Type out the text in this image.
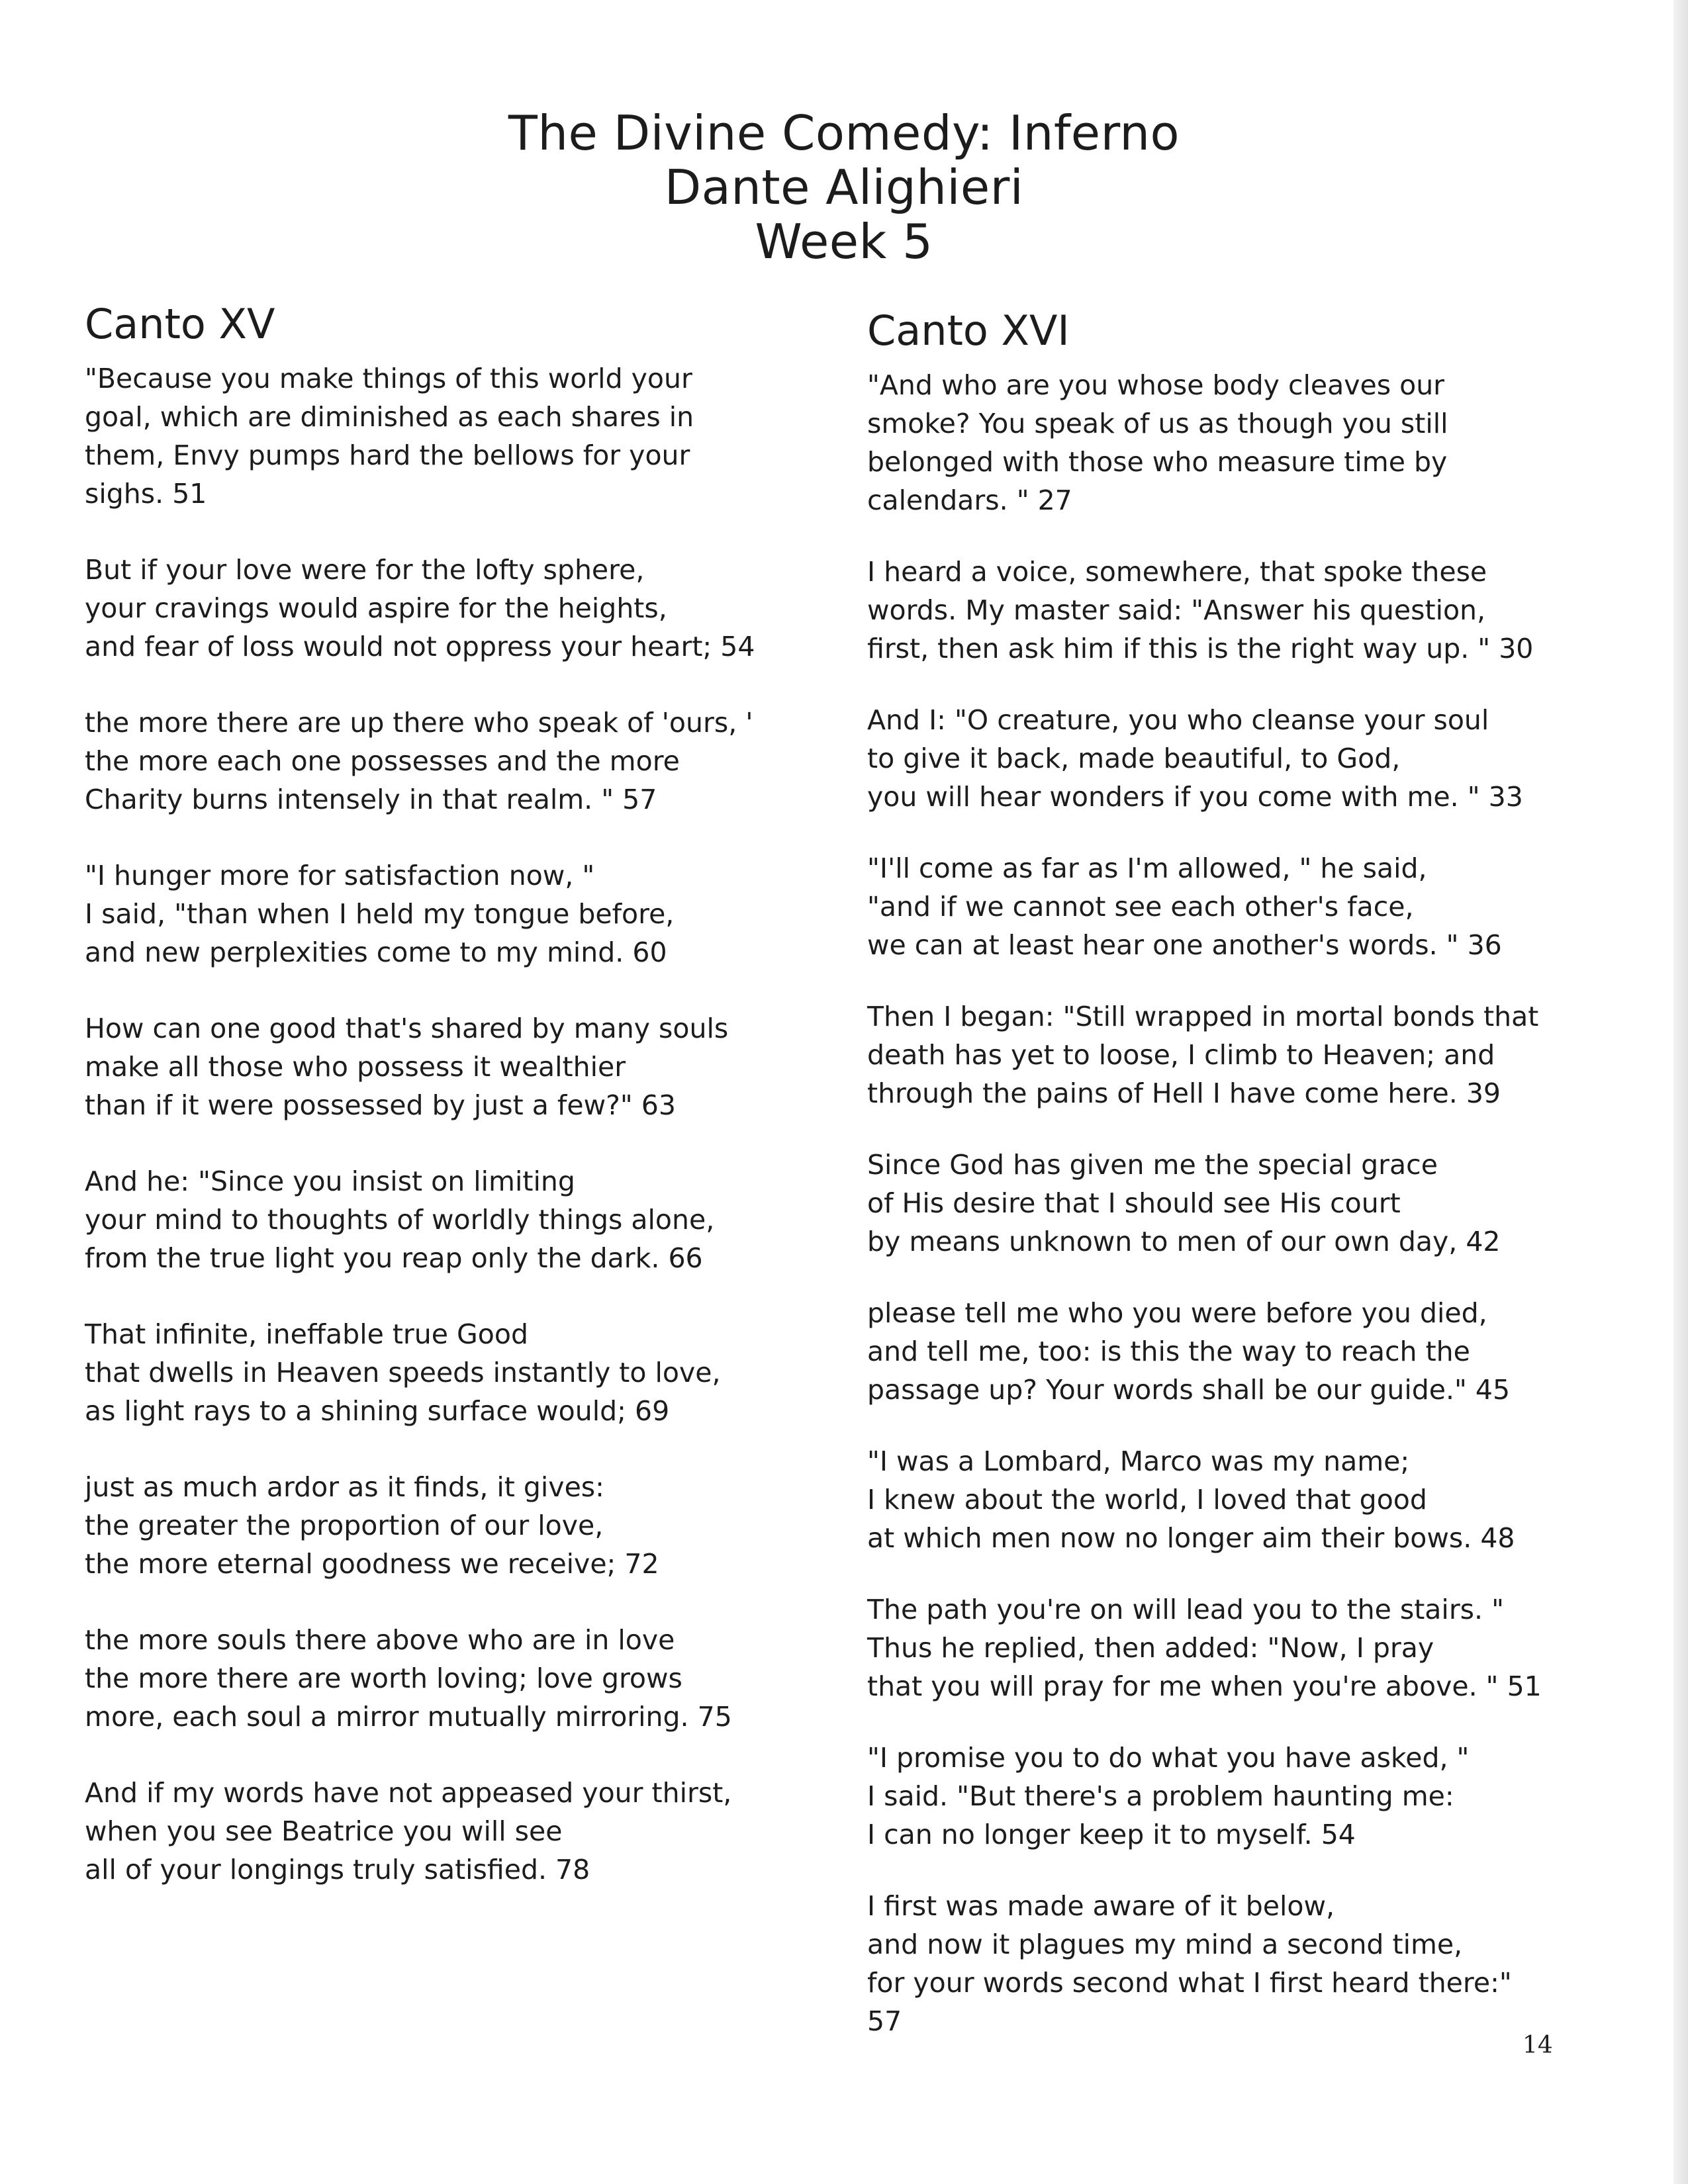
The Divine Comedy: Inferno
Dante Alighieri
Week 5
Canto XV

"Because you make things of this world your
goal, which are diminished as each shares in
them, Envy pumps hard the bellows for your
sighs. 51

But if your love were for the lofty sphere,
your cravings would aspire for the heights,
and fear of loss would not oppress your heart; 54

the more there are up there who speak of 'ours, '
the more each one possesses and the more
Charity burns intensely in that realm. " 57

"I hunger more for satisfaction now, "
I said, "than when I held my tongue before,
and new perplexities come to my mind. 60

How can one good that's shared by many souls
make all those who possess it wealthier
than if it were possessed by just a few?" 63

And he: "Since you insist on limiting
your mind to thoughts of worldly things alone,
from the true light you reap only the dark. 66

That infinite, ineffable true Good
that dwells in Heaven speeds instantly to love,
as light rays to a shining surface would; 69

just as much ardor as it finds, it gives:
the greater the proportion of our love,
the more eternal goodness we receive; 72

the more souls there above who are in love
the more there are worth loving; love grows
more, each soul a mirror mutually mirroring. 75

And if my words have not appeased your thirst,
when you see Beatrice you will see
all of your longings truly satisfied. 78

Canto XVI

"And who are you whose body cleaves our
smoke? You speak of us as though you still
belonged with those who measure time by
calendars. " 27

I heard a voice, somewhere, that spoke these
words. My master said: "Answer his question,
first, then ask him if this is the right way up. " 30

And I: "O creature, you who cleanse your soul
to give it back, made beautiful, to God,
you will hear wonders if you come with me. " 33

"I'll come as far as I'm allowed, " he said,
"and if we cannot see each other's face,
we can at least hear one another's words. " 36

Then I began: "Still wrapped in mortal bonds that
death has yet to loose, I climb to Heaven; and
through the pains of Hell I have come here. 39

Since God has given me the special grace
of His desire that I should see His court
by means unknown to men of our own day, 42

please tell me who you were before you died,
and tell me, too: is this the way to reach the
passage up? Your words shall be our guide." 45

"I was a Lombard, Marco was my name;
I knew about the world, I loved that good
at which men now no longer aim their bows. 48

The path you're on will lead you to the stairs. "
Thus he replied, then added: "Now, I pray
that you will pray for me when you're above. " 51

"I promise you to do what you have asked, "
I said. "But there's a problem haunting me:
I can no longer keep it to myself. 54

I first was made aware of it below,
and now it plagues my mind a second time,
for your words second what I first heard there:"
57

14
